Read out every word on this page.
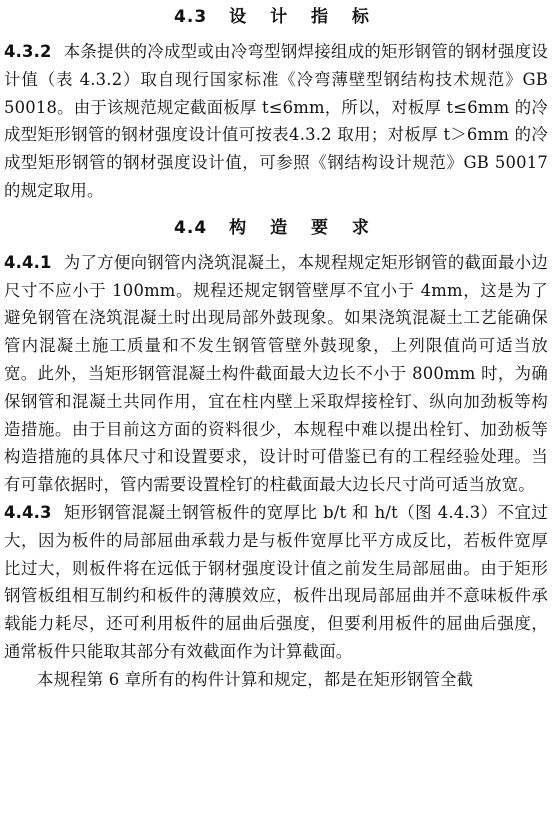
4.3 设 计 指 标

4.3.2 本条提供的冷成型或由冷弯型钢焊接组成的矩形钢管的钢材强度设计值（表 4.3.2）取自现行国家标准《冷弯薄壁型钢结构技术规范》GB 50018。由于该规范规定截面板厚 t≤6mm，所以，对板厚 t≤6mm 的冷成型矩形钢管的钢材强度设计值可按表4.3.2 取用；对板厚 t＞6mm 的冷成型矩形钢管的钢材强度设计值，可参照《钢结构设计规范》GB 50017 的规定取用。

4.4 构 造 要 求

4.4.1 为了方便向钢管内浇筑混凝土，本规程规定矩形钢管的截面最小边尺寸不应小于 100mm。规程还规定钢管壁厚不宜小于 4mm，这是为了避免钢管在浇筑混凝土时出现局部外鼓现象。如果浇筑混凝土工艺能确保管内混凝土施工质量和不发生钢管管壁外鼓现象，上列限值尚可适当放宽。此外，当矩形钢管混凝土构件截面最大边长不小于 800mm 时，为确保钢管和混凝土共同作用，宜在柱内壁上采取焊接栓钉、纵向加劲板等构造措施。由于目前这方面的资料很少，本规程中难以提出栓钉、加劲板等构造措施的具体尺寸和设置要求，设计时可借鉴已有的工程经验处理。当有可靠依据时，管内需要设置栓钉的柱截面最大边长尺寸尚可适当放宽。

4.4.3 矩形钢管混凝土钢管板件的宽厚比 b/t 和 h/t（图 4.4.3）不宜过大，因为板件的局部屈曲承载力是与板件宽厚比平方成反比，若板件宽厚比过大，则板件将在远低于钢材强度设计值之前发生局部屈曲。由于矩形钢管板组相互制约和板件的薄膜效应，板件出现局部屈曲并不意味板件承载能力耗尽，还可利用板件的屈曲后强度，但要利用板件的屈曲后强度，通常板件只能取其部分有效截面作为计算截面。

本规程第 6 章所有的构件计算和规定，都是在矩形钢管全截
